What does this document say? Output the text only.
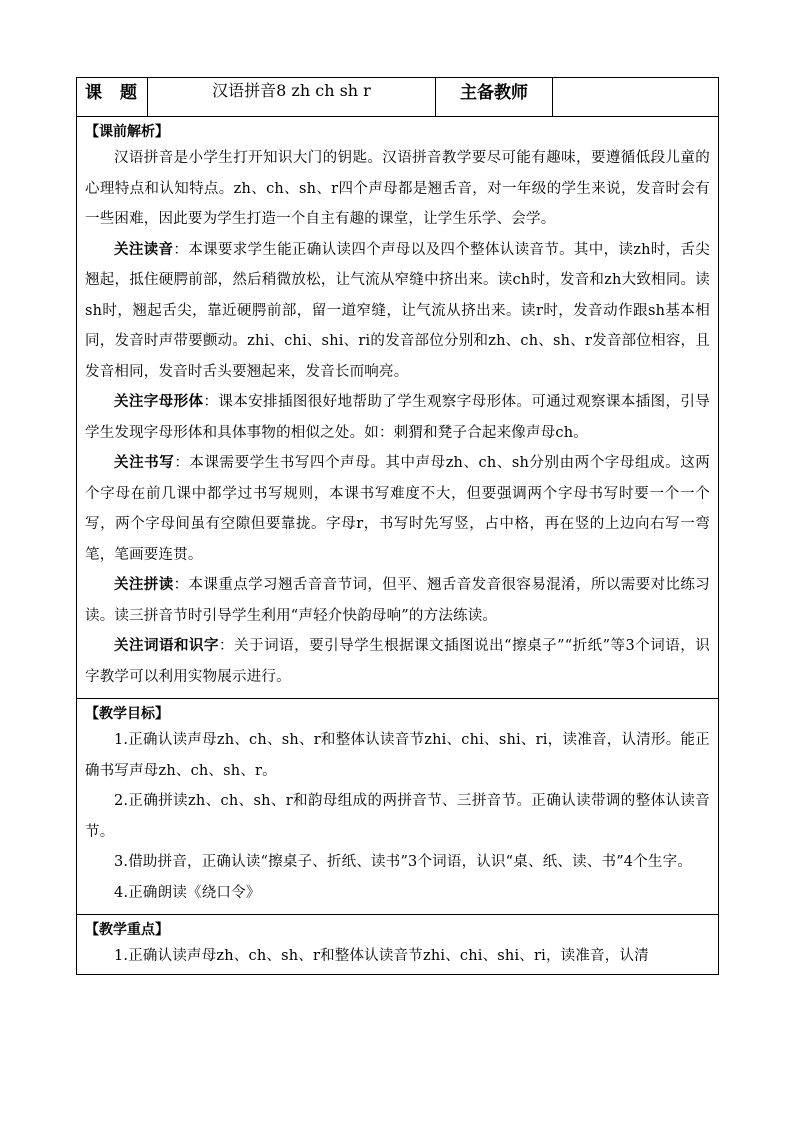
课 题	汉语拼音8 zh ch sh r	主备教师	

【课前解析】

汉语拼音是小学生打开知识大门的钥匙。汉语拼音教学要尽可能有趣味，要遵循低段儿童的心理特点和认知特点。zh、ch、sh、r四个声母都是翘舌音，对一年级的学生来说，发音时会有一些困难，因此要为学生打造一个自主有趣的课堂，让学生乐学、会学。

关注读音：本课要求学生能正确认读四个声母以及四个整体认读音节。其中，读zh时，舌尖翘起，抵住硬腭前部，然后稍微放松，让气流从窄缝中挤出来。读ch时，发音和zh大致相同。读sh时，翘起舌尖，靠近硬腭前部，留一道窄缝，让气流从挤出来。读r时，发音动作跟sh基本相同，发音时声带要颤动。zhi、chi、shi、ri的发音部位分别和zh、ch、sh、r发音部位相容，且发音相同，发音时舌头要翘起来，发音长而响亮。

关注字母形体：课本安排插图很好地帮助了学生观察字母形体。可通过观察课本插图，引导学生发现字母形体和具体事物的相似之处。如：刺猬和凳子合起来像声母ch。

关注书写：本课需要学生书写四个声母。其中声母zh、ch、sh分别由两个字母组成。这两个字母在前几课中都学过书写规则，本课书写难度不大，但要强调两个字母书写时要一个一个写，两个字母间虽有空隙但要靠拢。字母r，书写时先写竖，占中格，再在竖的上边向右写一弯笔，笔画要连贯。

关注拼读：本课重点学习翘舌音音节词，但平、翘舌音发音很容易混淆，所以需要对比练习读。读三拼音节时引导学生利用“声轻介快韵母响”的方法练读。

关注词语和识字：关于词语，要引导学生根据课文插图说出“擦桌子”“折纸”等3个词语，识字教学可以利用实物展示进行。

【教学目标】

1.正确认读声母zh、ch、sh、r和整体认读音节zhi、chi、shi、ri，读准音，认清形。能正确书写声母zh、ch、sh、r。

2.正确拼读zh、ch、sh、r和韵母组成的两拼音节、三拼音节。正确认读带调的整体认读音节。

3.借助拼音，正确认读“擦桌子、折纸、读书”3个词语，认识“桌、纸、读、书”4个生字。

4.正确朗读《绕口令》

【教学重点】

1.正确认读声母zh、ch、sh、r和整体认读音节zhi、chi、shi、ri，读准音，认清
